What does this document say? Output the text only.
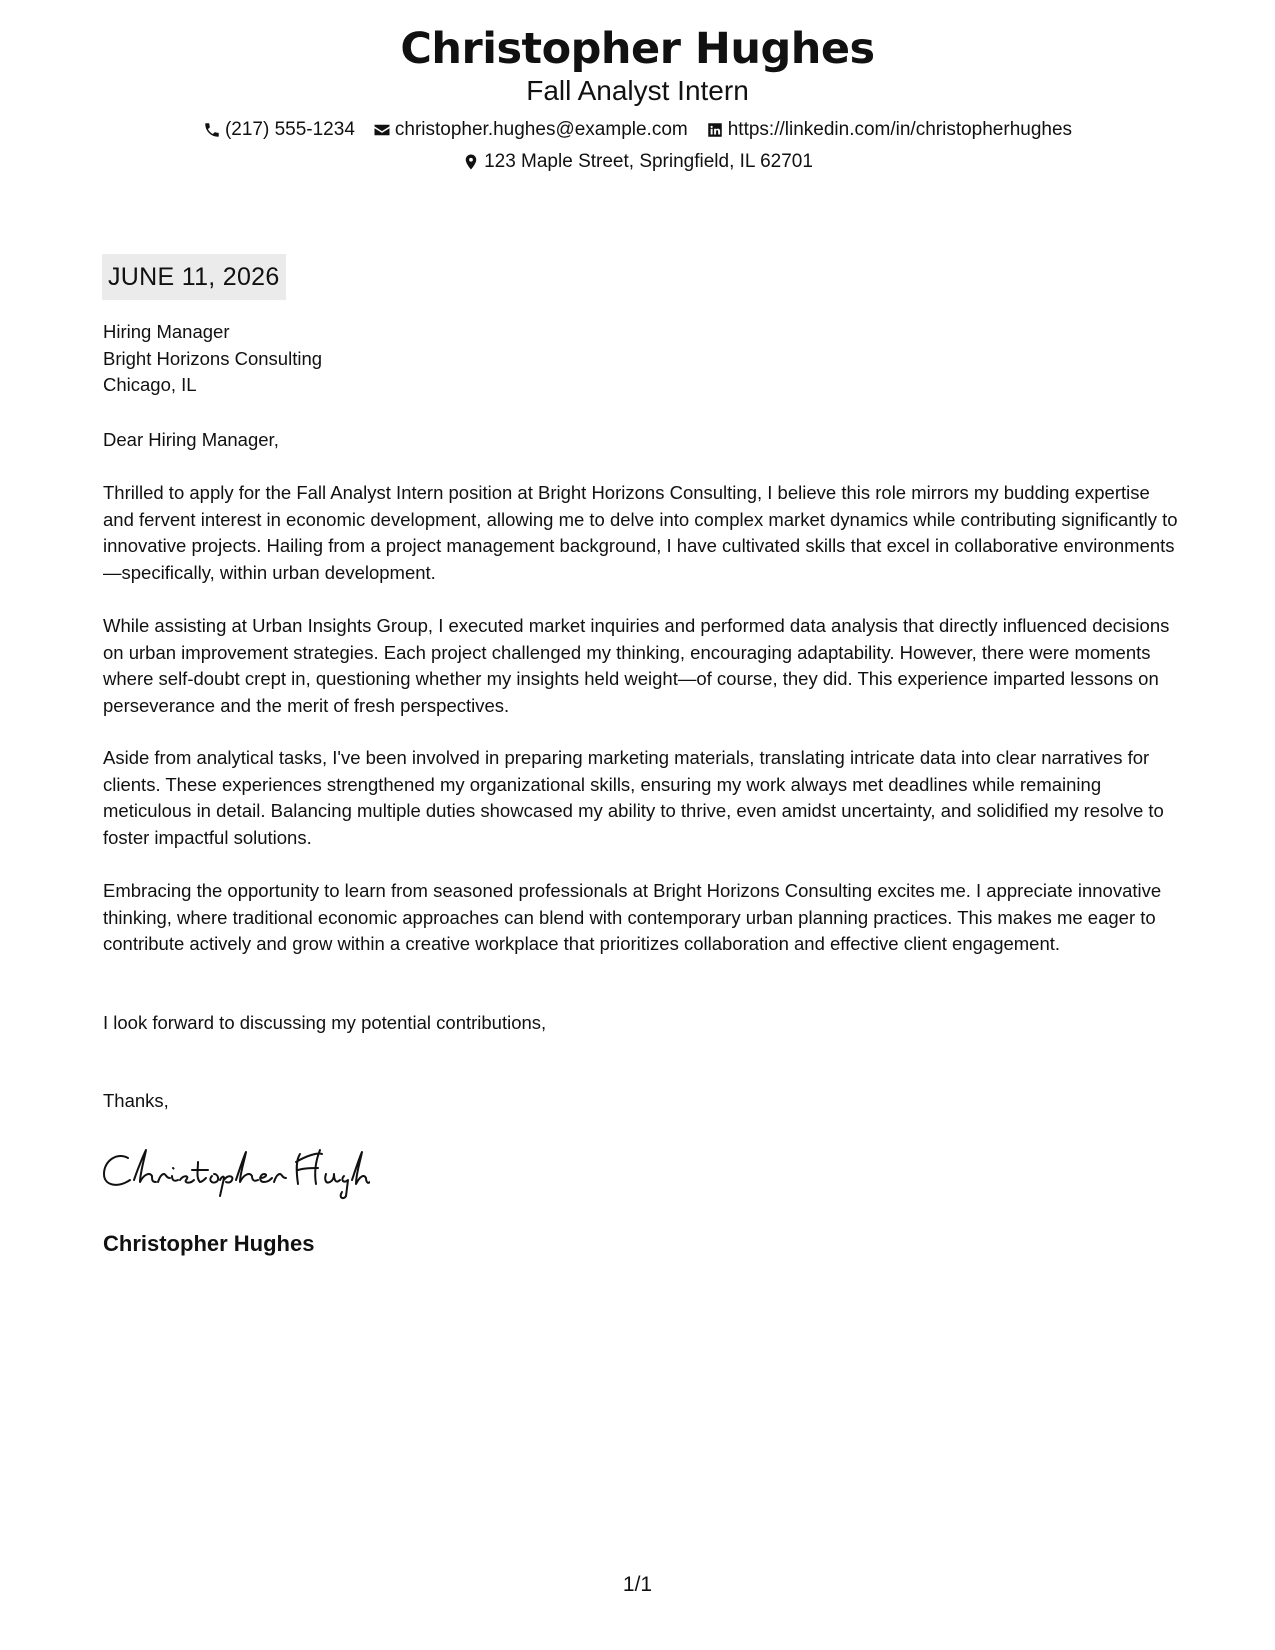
Christopher Hughes
Fall Analyst Intern
(217) 555-1234 christopher.hughes@example.com https://linkedin.com/in/christopherhughes
123 Maple Street, Springfield, IL 62701
JUNE 11, 2026
Hiring Manager
Bright Horizons Consulting
Chicago, IL
Dear Hiring Manager,

Thrilled to apply for the Fall Analyst Intern position at Bright Horizons Consulting, I believe this role mirrors my budding expertise and fervent interest in economic development, allowing me to delve into complex market dynamics while contributing significantly to innovative projects. Hailing from a project management background, I have cultivated skills that excel in collaborative environments—specifically, within urban development.

While assisting at Urban Insights Group, I executed market inquiries and performed data analysis that directly influenced decisions on urban improvement strategies. Each project challenged my thinking, encouraging adaptability. However, there were moments where self-doubt crept in, questioning whether my insights held weight—of course, they did. This experience imparted lessons on perseverance and the merit of fresh perspectives.

Aside from analytical tasks, I've been involved in preparing marketing materials, translating intricate data into clear narratives for clients. These experiences strengthened my organizational skills, ensuring my work always met deadlines while remaining meticulous in detail. Balancing multiple duties showcased my ability to thrive, even amidst uncertainty, and solidified my resolve to foster impactful solutions.

Embracing the opportunity to learn from seasoned professionals at Bright Horizons Consulting excites me. I appreciate innovative thinking, where traditional economic approaches can blend with contemporary urban planning practices. This makes me eager to contribute actively and grow within a creative workplace that prioritizes collaboration and effective client engagement.

I look forward to discussing my potential contributions,
Thanks,
Christopher Hughes
1/1
